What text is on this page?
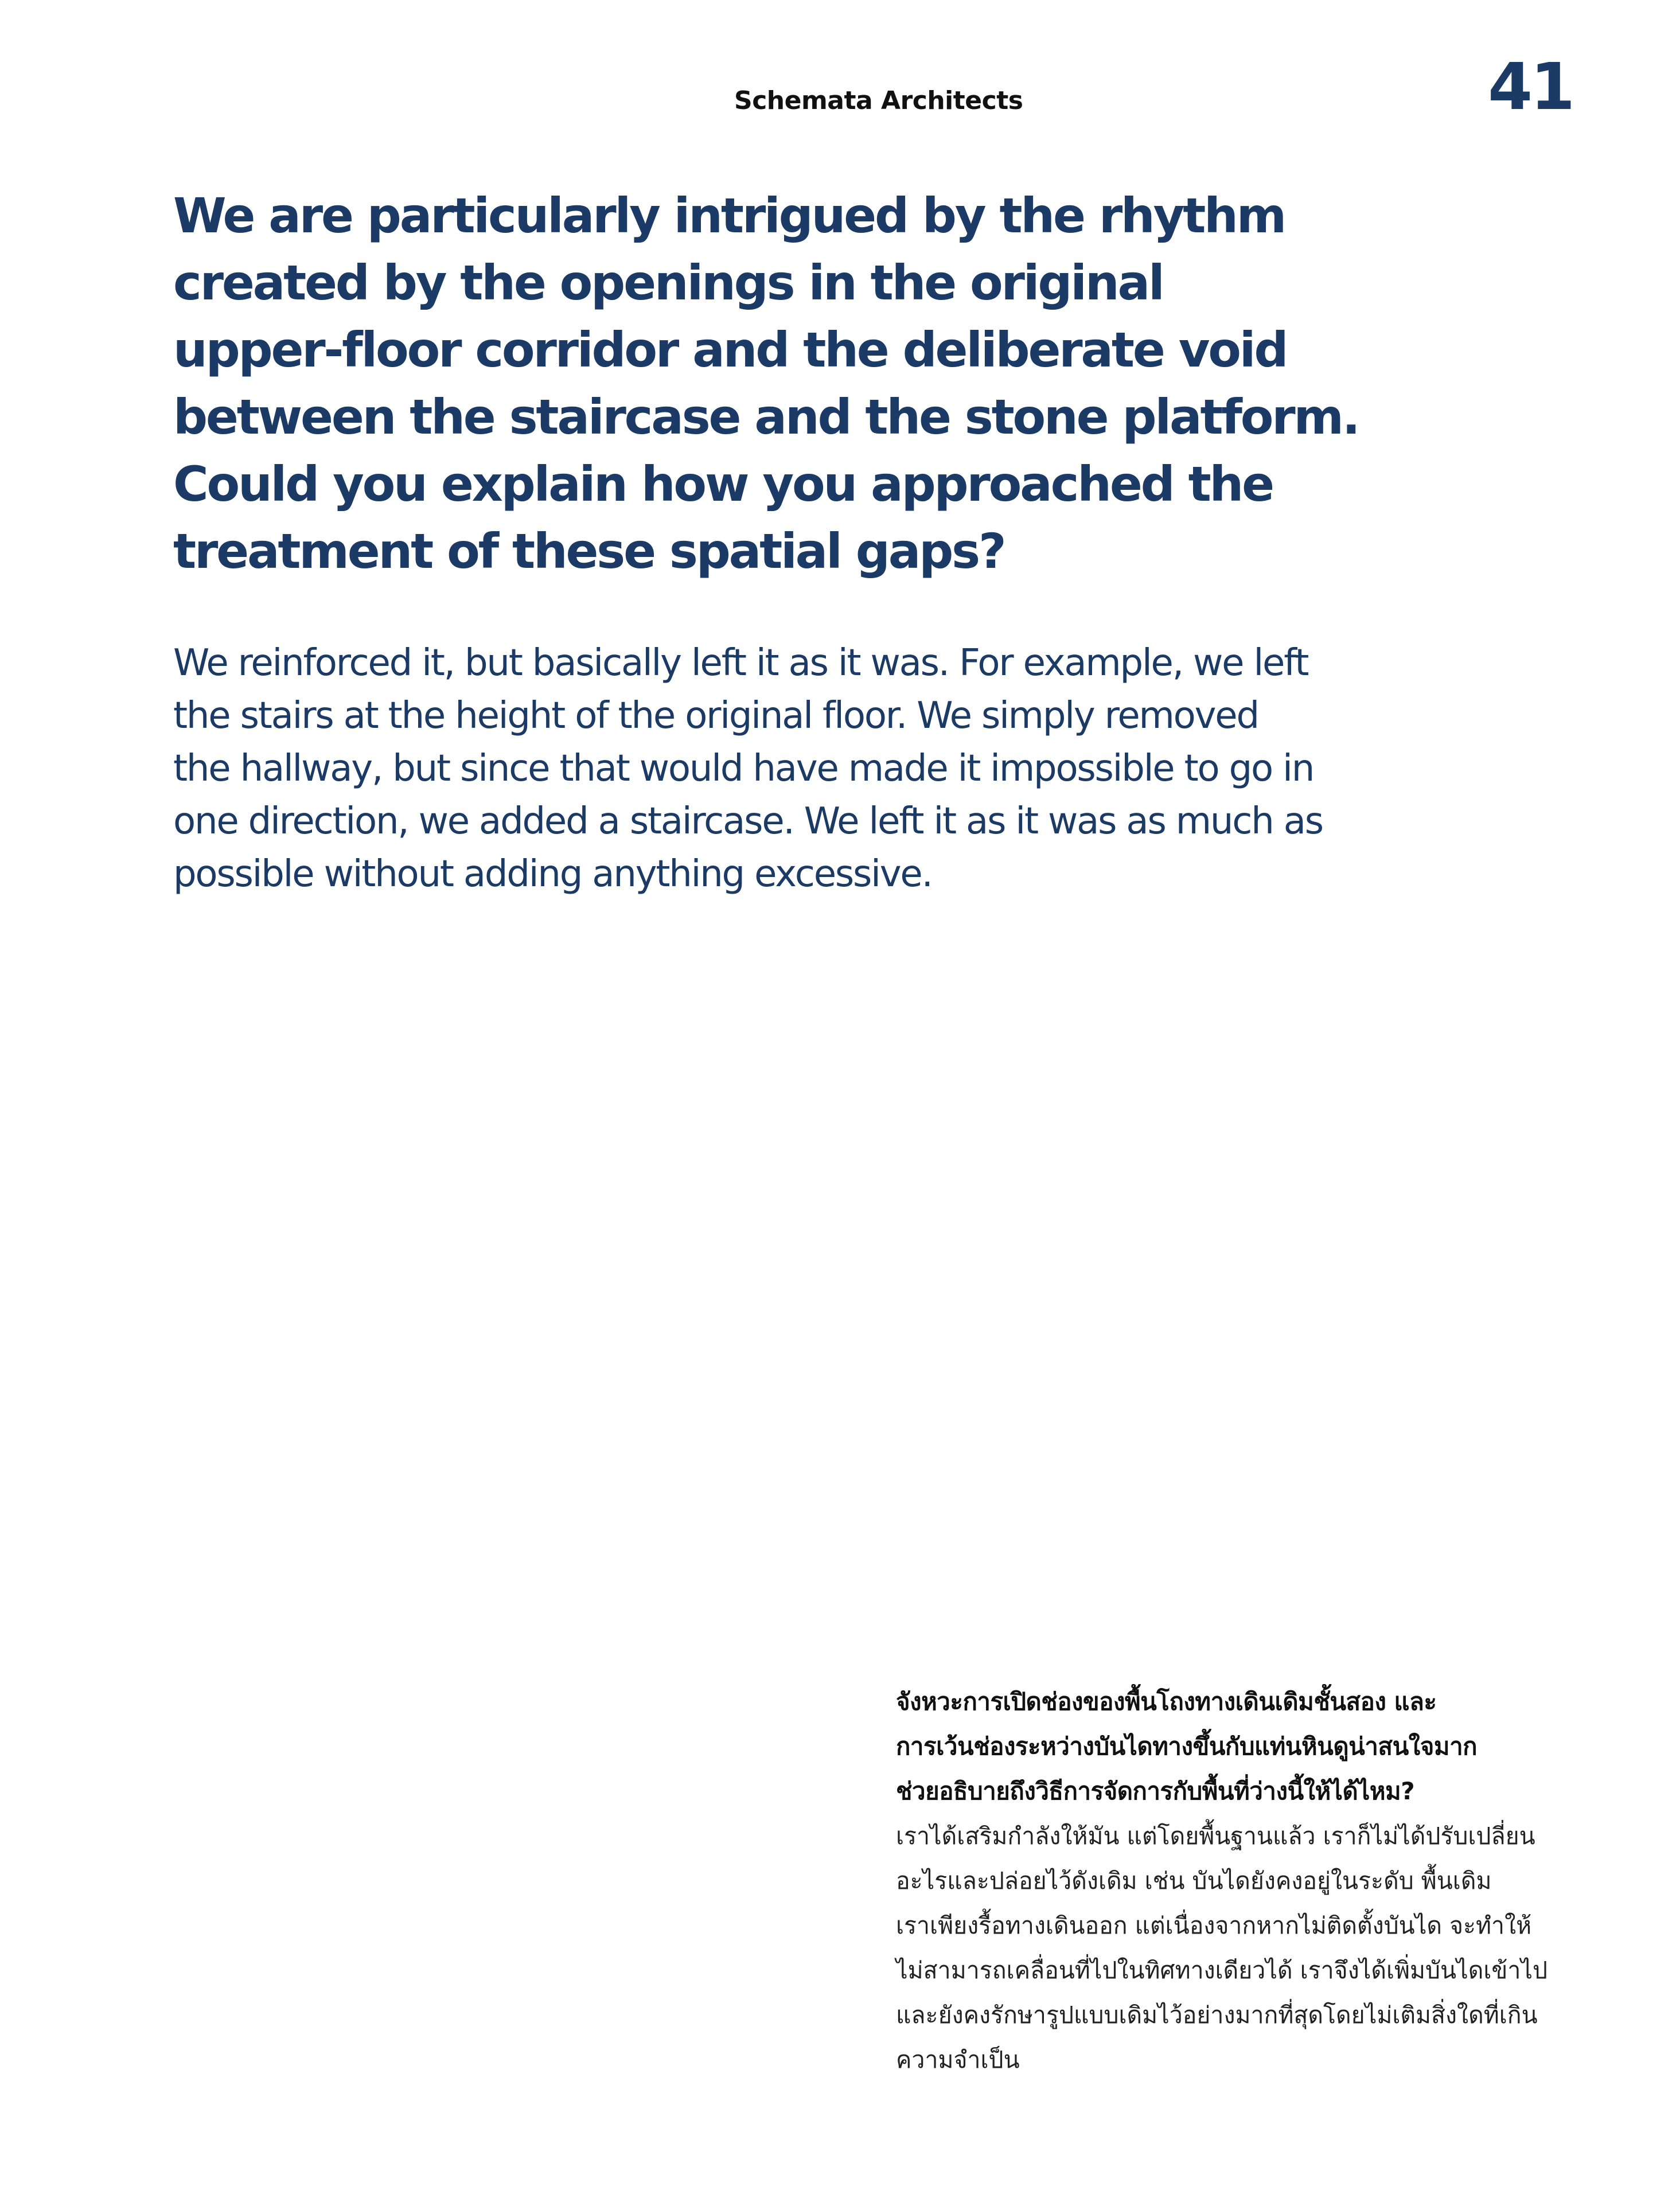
Schemata Architects	41
We are particularly intrigued by the rhythm
created by the openings in the original
upper-floor corridor and the deliberate void
between the staircase and the stone platform.
Could you explain how you approached the
treatment of these spatial gaps?

We reinforced it, but basically left it as it was. For example, we left
the stairs at the height of the original floor. We simply removed
the hallway, but since that would have made it impossible to go in
one direction, we added a staircase. We left it as it was as much as
possible without adding anything excessive.

จังหวะการเปิดช่องของพื้นโถงทางเดินเดิมชั้นสอง และ
การเว้นช่องระหว่างบันไดทางขึ้นกับแท่นหินดูน่าสนใจมาก
ช่วยอธิบายถึงวิธีการจัดการกับพื้นที่ว่างนี้ให้ได้ไหม?

เราได้เสริมกำลังให้มัน แต่โดยพื้นฐานแล้ว เราก็ไม่ได้ปรับเปลี่ยน
อะไรและปล่อยไว้ดังเดิม เช่น บันไดยังคงอยู่ในระดับ พื้นเดิม
เราเพียงรื้อทางเดินออก แต่เนื่องจากหากไม่ติดตั้งบันได จะทำให้
ไม่สามารถเคลื่อนที่ไปในทิศทางเดียวได้ เราจึงได้เพิ่มบันไดเข้าไป
และยังคงรักษารูปแบบเดิมไว้อย่างมากที่สุดโดยไม่เติมสิ่งใดที่เกิน
ความจำเป็น
